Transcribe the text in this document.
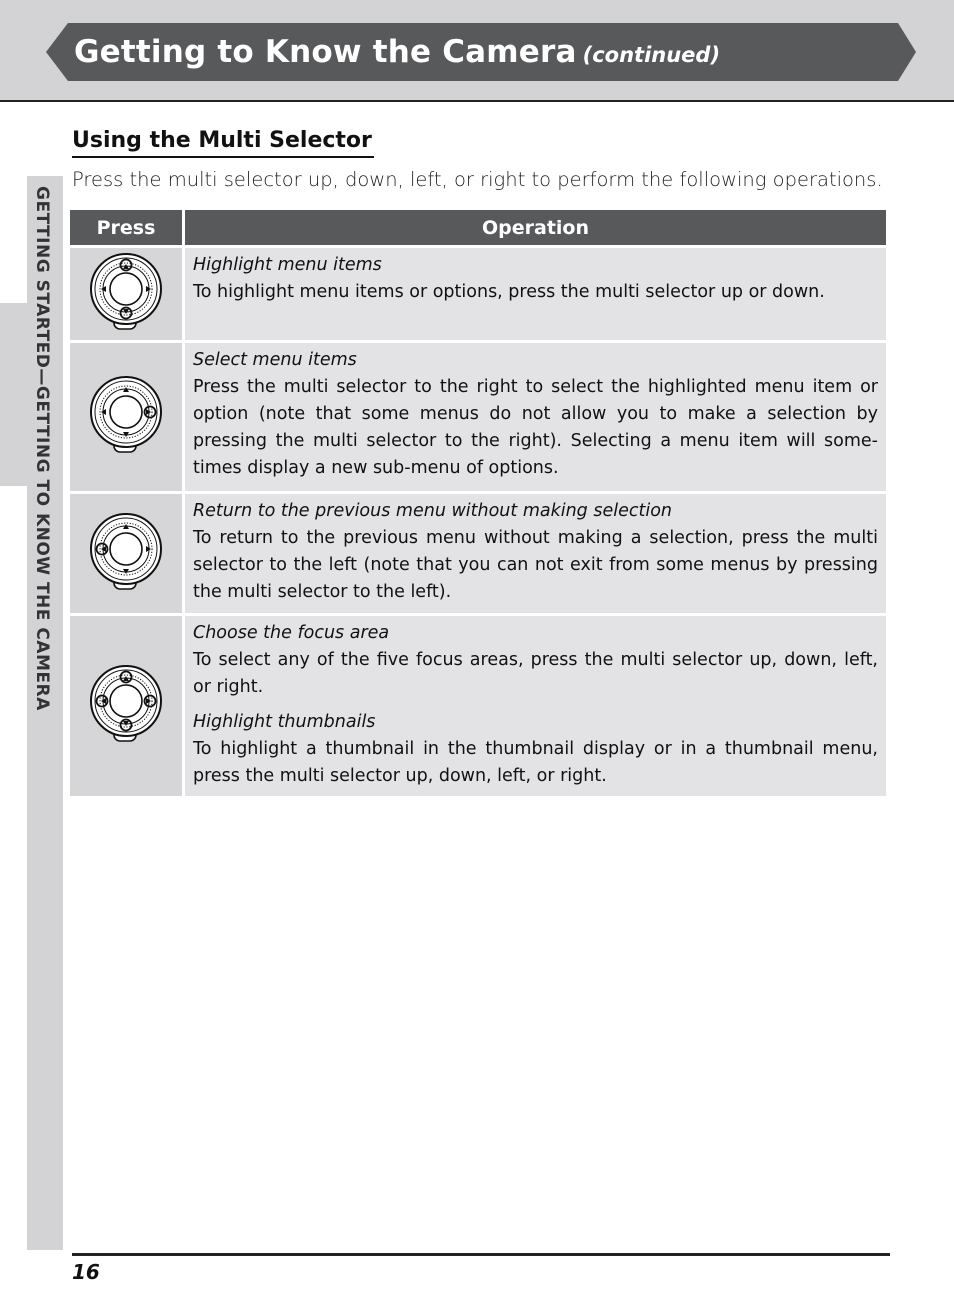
Getting to Know the Camera (continued)
GETTING STARTED—GETTING TO KNOW THE CAMERA
Using the Multi Selector
Press the multi selector up, down, left, or right to perform the following operations.
Press	Operation

Highlight menu items
To highlight menu items or options, press the multi selector up or down.

Select menu items
Press the multi selector to the right to select the highlighted menu item or option (note that some menus do not allow you to make a selection by pressing the multi selector to the right). Selecting a menu item will some-times display a new sub-menu of options.

Return to the previous menu without making selection
To return to the previous menu without making a selection, press the multi selector to the left (note that you can not exit from some menus by pressing the multi selector to the left).

Choose the focus area
To select any of the five focus areas, press the multi selector up, down, left, or right.
Highlight thumbnails
To highlight a thumbnail in the thumbnail display or in a thumbnail menu, press the multi selector up, down, left, or right.
16
